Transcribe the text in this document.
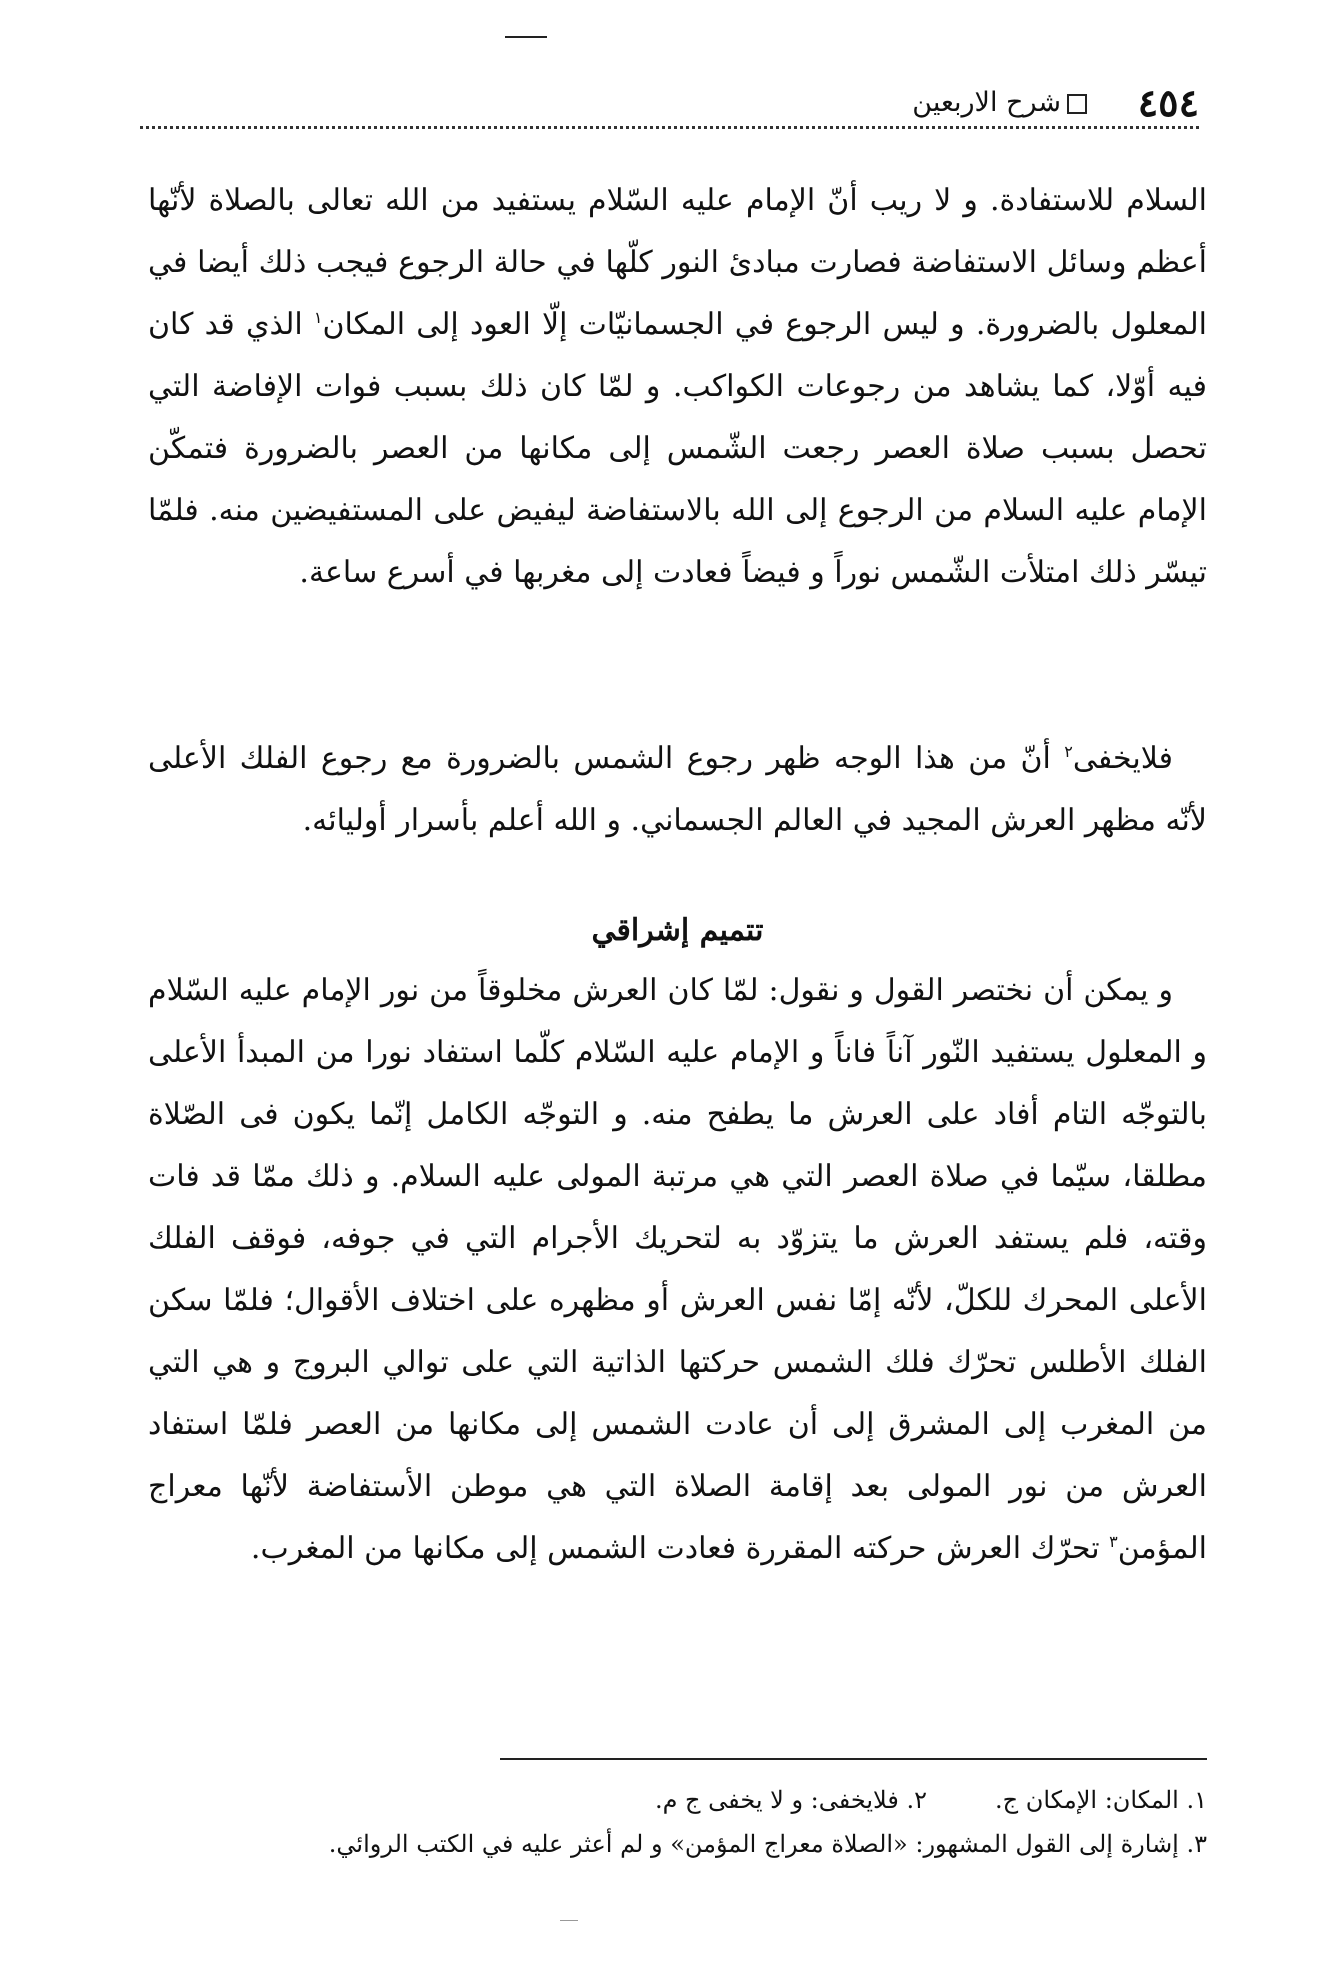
٤٥٤
شرح الاربعين

السلام للاستفادة. و لا ريب أنّ الإمام عليه السّلام يستفيد من الله تعالى بالصلاة لأنّها أعظم وسائل الاستفاضة فصارت مبادئ النور كلّها في حالة الرجوع فيجب ذلك أيضا في المعلول بالضرورة. و ليس الرجوع في الجسمانيّات إلّا العود إلى المكان$^١$ الذي قد كان فيه أوّلا، كما يشاهد من رجوعات الكواكب. و لمّا كان ذلك بسبب فوات الإفاضة التي تحصل بسبب صلاة العصر رجعت الشّمس إلى مكانها من العصر بالضرورة فتمكّن الإمام عليه السلام من الرجوع إلى الله بالاستفاضة ليفيض على المستفيضين منه. فلمّا تيسّر ذلك امتلأت الشّمس نوراً و فيضاً فعادت إلى مغربها في أسرع ساعة.

فلايخفى$^٢$ أنّ من هذا الوجه ظهر رجوع الشمس بالضرورة مع رجوع الفلك الأعلى لأنّه مظهر العرش المجيد في العالم الجسماني. و الله أعلم بأسرار أوليائه.

تتميم إشراقي

و يمكن أن نختصر القول و نقول: لمّا كان العرش مخلوقاً من نور الإمام عليه السّلام و المعلول يستفيد النّور آناً فاناً و الإمام عليه السّلام كلّما استفاد نورا من المبدأ الأعلى بالتوجّه التام أفاد على العرش ما يطفح منه. و التوجّه الكامل إنّما يكون فى الصّلاة مطلقا، سيّما في صلاة العصر التي هي مرتبة المولى عليه السلام. و ذلك ممّا قد فات وقته، فلم يستفد العرش ما يتزوّد به لتحريك الأجرام التي في جوفه، فوقف الفلك الأعلى المحرك للكلّ، لأنّه إمّا نفس العرش أو مظهره على اختلاف الأقوال؛ فلمّا سكن الفلك الأطلس تحرّك فلك الشمس حركتها الذاتية التي على توالي البروج و هي التي من المغرب إلى المشرق إلى أن عادت الشمس إلى مكانها من العصر فلمّا استفاد العرش من نور المولى بعد إقامة الصلاة التي هي موطن الأستفاضة لأنّها معراج المؤمن$^٣$ تحرّك العرش حركته المقررة فعادت الشمس إلى مكانها من المغرب.

١. المكان: الإمكان ج.
٢. فلايخفى: و لا يخفى ج م.
٣. إشارة إلى القول المشهور: «الصلاة معراج المؤمن» و لم أعثر عليه في الكتب الروائي.
